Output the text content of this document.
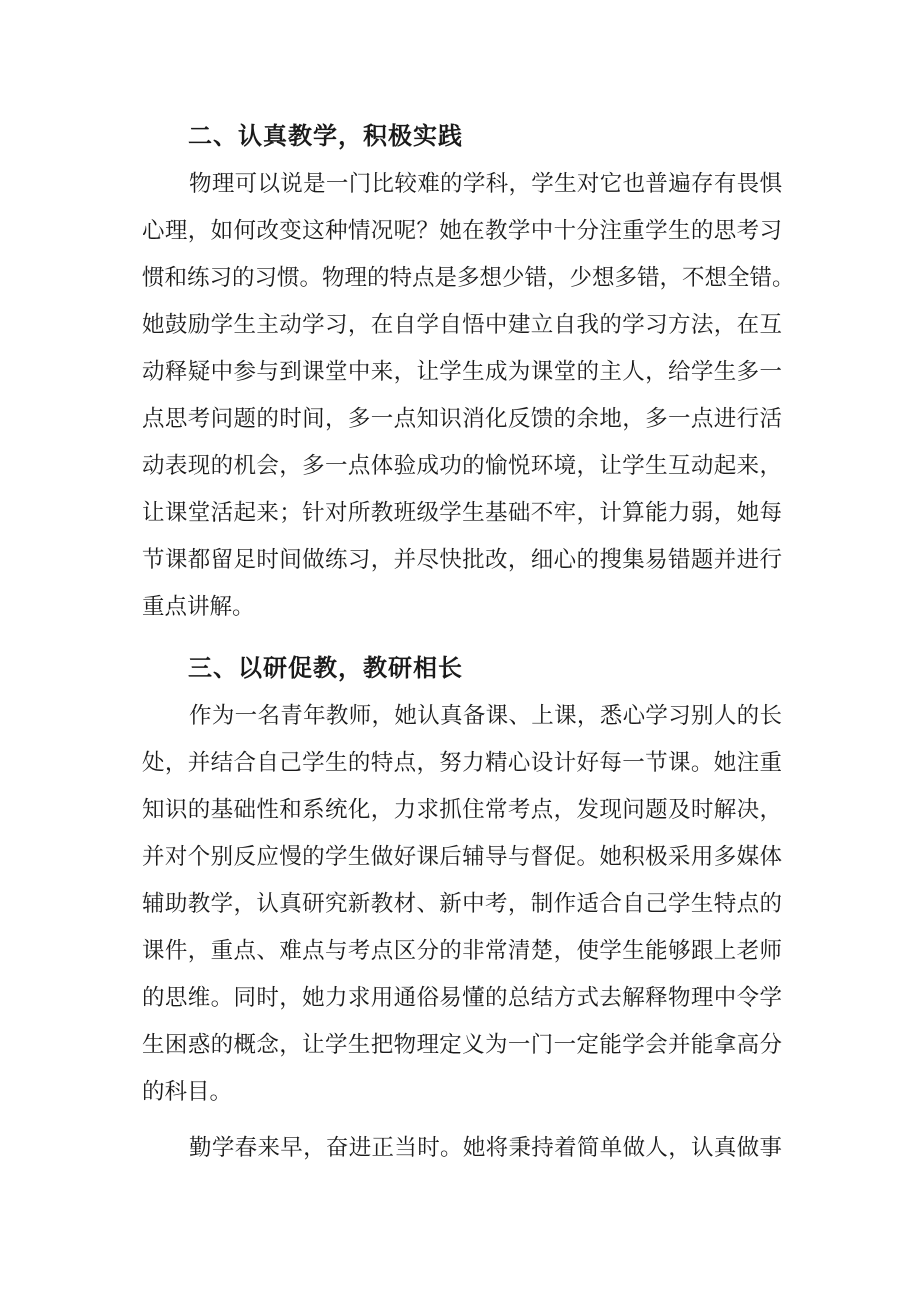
二、认真教学，积极实践
物理可以说是一门比较难的学科，学生对它也普遍存有畏惧
心理，如何改变这种情况呢？她在教学中十分注重学生的思考习
惯和练习的习惯。物理的特点是多想少错，少想多错，不想全错。
她鼓励学生主动学习，在自学自悟中建立自我的学习方法，在互
动释疑中参与到课堂中来，让学生成为课堂的主人，给学生多一
点思考问题的时间，多一点知识消化反馈的余地，多一点进行活
动表现的机会，多一点体验成功的愉悦环境，让学生互动起来，
让课堂活起来；针对所教班级学生基础不牢，计算能力弱，她每
节课都留足时间做练习，并尽快批改，细心的搜集易错题并进行
重点讲解。
三、以研促教，教研相长
作为一名青年教师，她认真备课、上课，悉心学习别人的长
处，并结合自己学生的特点，努力精心设计好每一节课。她注重
知识的基础性和系统化，力求抓住常考点，发现问题及时解决，
并对个别反应慢的学生做好课后辅导与督促。她积极采用多媒体
辅助教学，认真研究新教材、新中考，制作适合自己学生特点的
课件，重点、难点与考点区分的非常清楚，使学生能够跟上老师
的思维。同时，她力求用通俗易懂的总结方式去解释物理中令学
生困惑的概念，让学生把物理定义为一门一定能学会并能拿高分
的科目。
勤学春来早，奋进正当时。她将秉持着简单做人，认真做事
